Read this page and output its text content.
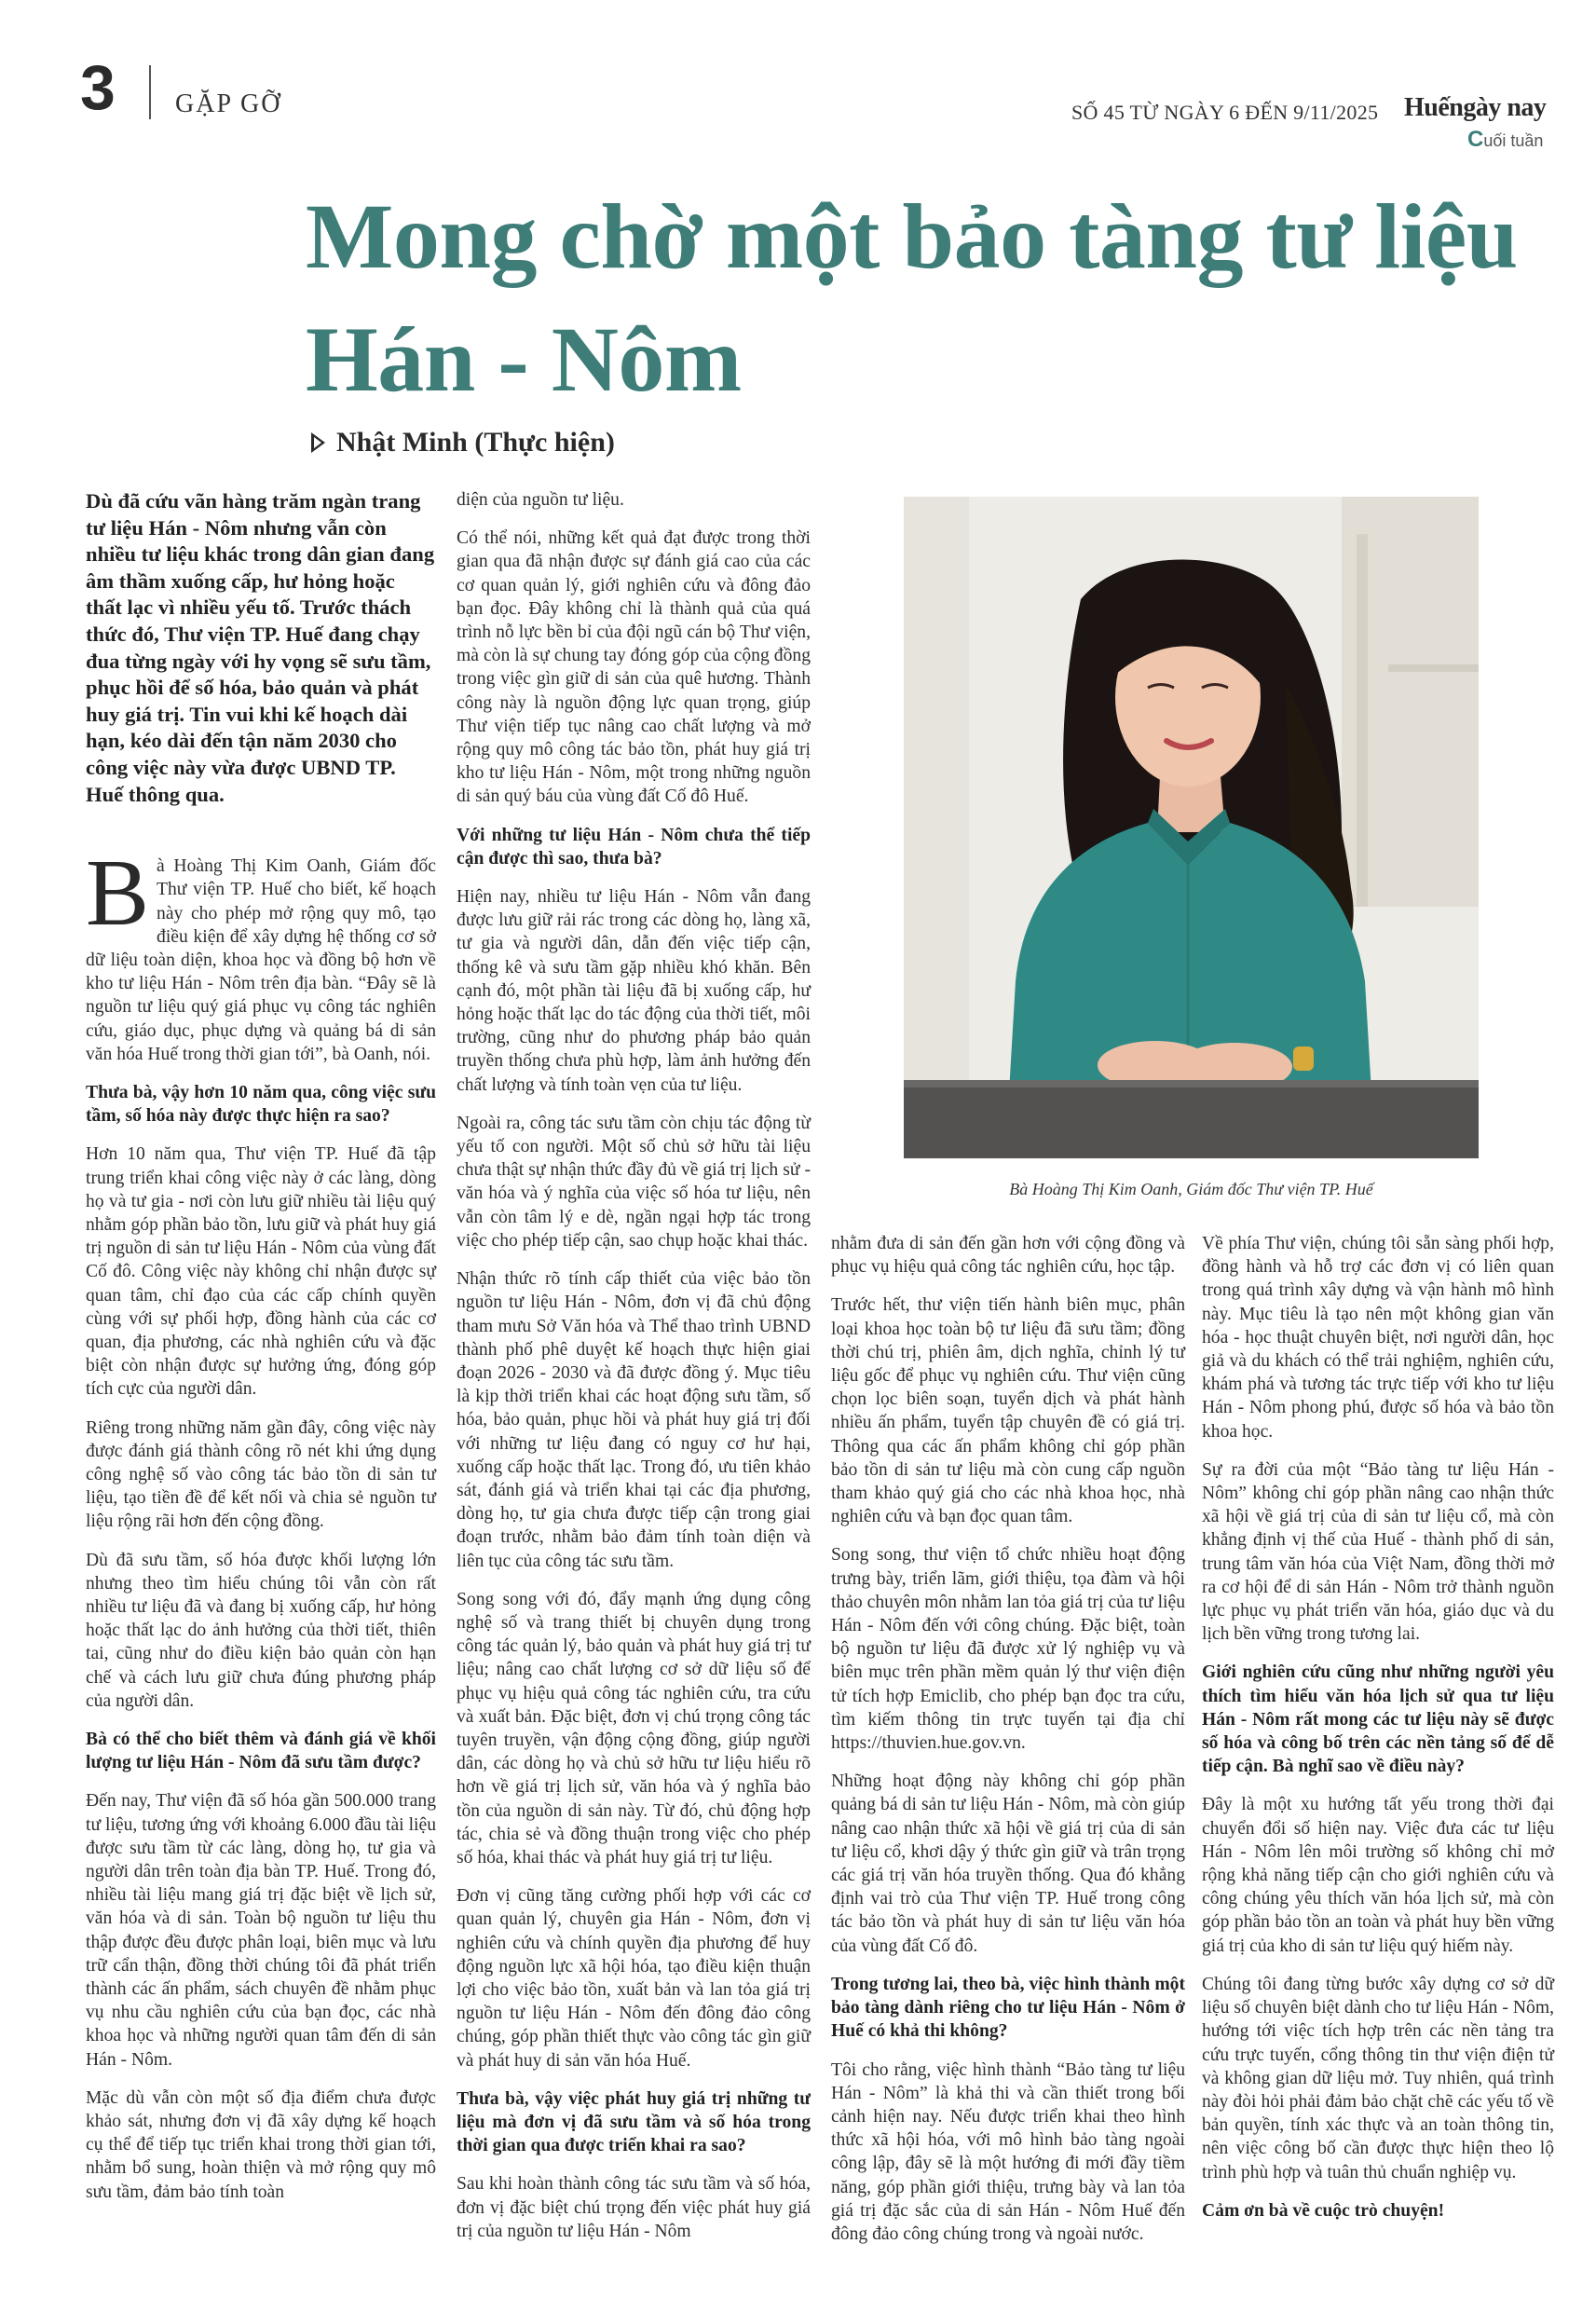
3 GẶP GỠ	SỐ 45 TỪ NGÀY 6 ĐẾN 9/11/2025 Huếngày nay
Cuối tuần
Mong chờ một bảo tàng tư liệu Hán - Nôm
Nhật Minh (Thực hiện)

Dù đã cứu vãn hàng trăm ngàn trang tư liệu Hán - Nôm nhưng vẫn còn nhiều tư liệu khác trong dân gian đang âm thầm xuống cấp, hư hỏng hoặc thất lạc vì nhiều yếu tố. Trước thách thức đó, Thư viện TP. Huế đang chạy đua từng ngày với hy vọng sẽ sưu tầm, phục hồi để số hóa, bảo quản và phát huy giá trị. Tin vui khi kế hoạch dài hạn, kéo dài đến tận năm 2030 cho công việc này vừa được UBND TP. Huế thông qua.

Bà Hoàng Thị Kim Oanh, Giám đốc Thư viện TP. Huế cho biết, kế hoạch này cho phép mở rộng quy mô, tạo điều kiện để xây dựng hệ thống cơ sở dữ liệu toàn diện, khoa học và đồng bộ hơn về kho tư liệu Hán - Nôm trên địa bàn. “Đây sẽ là nguồn tư liệu quý giá phục vụ công tác nghiên cứu, giáo dục, phục dựng và quảng bá di sản văn hóa Huế trong thời gian tới”, bà Oanh, nói.

Thưa bà, vậy hơn 10 năm qua, công việc sưu tầm, số hóa này được thực hiện ra sao?

Hơn 10 năm qua, Thư viện TP. Huế đã tập trung triển khai công việc này ở các làng, dòng họ và tư gia - nơi còn lưu giữ nhiều tài liệu quý nhằm góp phần bảo tồn, lưu giữ và phát huy giá trị nguồn di sản tư liệu Hán - Nôm của vùng đất Cố đô. Công việc này không chỉ nhận được sự quan tâm, chỉ đạo của các cấp chính quyền cùng với sự phối hợp, đồng hành của các cơ quan, địa phương, các nhà nghiên cứu và đặc biệt còn nhận được sự hưởng ứng, đóng góp tích cực của người dân.

Riêng trong những năm gần đây, công việc này được đánh giá thành công rõ nét khi ứng dụng công nghệ số vào công tác bảo tồn di sản tư liệu, tạo tiền đề để kết nối và chia sẻ nguồn tư liệu rộng rãi hơn đến cộng đồng.

Dù đã sưu tầm, số hóa được khối lượng lớn nhưng theo tìm hiểu chúng tôi vẫn còn rất nhiều tư liệu đã và đang bị xuống cấp, hư hỏng hoặc thất lạc do ảnh hưởng của thời tiết, thiên tai, cũng như do điều kiện bảo quản còn hạn chế và cách lưu giữ chưa đúng phương pháp của người dân.

Bà có thể cho biết thêm và đánh giá về khối lượng tư liệu Hán - Nôm đã sưu tầm được?

Đến nay, Thư viện đã số hóa gần 500.000 trang tư liệu, tương ứng với khoảng 6.000 đầu tài liệu được sưu tầm từ các làng, dòng họ, tư gia và người dân trên toàn địa bàn TP. Huế. Trong đó, nhiều tài liệu mang giá trị đặc biệt về lịch sử, văn hóa và di sản. Toàn bộ nguồn tư liệu thu thập được đều được phân loại, biên mục và lưu trữ cẩn thận, đồng thời chúng tôi đã phát triển thành các ấn phẩm, sách chuyên đề nhằm phục vụ nhu cầu nghiên cứu của bạn đọc, các nhà khoa học và những người quan tâm đến di sản Hán - Nôm.

Mặc dù vẫn còn một số địa điểm chưa được khảo sát, nhưng đơn vị đã xây dựng kế hoạch cụ thể để tiếp tục triển khai trong thời gian tới, nhằm bổ sung, hoàn thiện và mở rộng quy mô sưu tầm, đảm bảo tính toàn

diện của nguồn tư liệu.

Có thể nói, những kết quả đạt được trong thời gian qua đã nhận được sự đánh giá cao của các cơ quan quản lý, giới nghiên cứu và đông đảo bạn đọc. Đây không chỉ là thành quả của quá trình nỗ lực bền bỉ của đội ngũ cán bộ Thư viện, mà còn là sự chung tay đóng góp của cộng đồng trong việc gìn giữ di sản của quê hương. Thành công này là nguồn động lực quan trọng, giúp Thư viện tiếp tục nâng cao chất lượng và mở rộng quy mô công tác bảo tồn, phát huy giá trị kho tư liệu Hán - Nôm, một trong những nguồn di sản quý báu của vùng đất Cố đô Huế.

Với những tư liệu Hán - Nôm chưa thể tiếp cận được thì sao, thưa bà?

Hiện nay, nhiều tư liệu Hán - Nôm vẫn đang được lưu giữ rải rác trong các dòng họ, làng xã, tư gia và người dân, dẫn đến việc tiếp cận, thống kê và sưu tầm gặp nhiều khó khăn. Bên cạnh đó, một phần tài liệu đã bị xuống cấp, hư hỏng hoặc thất lạc do tác động của thời tiết, môi trường, cũng như do phương pháp bảo quản truyền thống chưa phù hợp, làm ảnh hưởng đến chất lượng và tính toàn vẹn của tư liệu.

Ngoài ra, công tác sưu tầm còn chịu tác động từ yếu tố con người. Một số chủ sở hữu tài liệu chưa thật sự nhận thức đầy đủ về giá trị lịch sử - văn hóa và ý nghĩa của việc số hóa tư liệu, nên vẫn còn tâm lý e dè, ngần ngại hợp tác trong việc cho phép tiếp cận, sao chụp hoặc khai thác.

Nhận thức rõ tính cấp thiết của việc bảo tồn nguồn tư liệu Hán - Nôm, đơn vị đã chủ động tham mưu Sở Văn hóa và Thể thao trình UBND thành phố phê duyệt kế hoạch thực hiện giai đoạn 2026 - 2030 và đã được đồng ý. Mục tiêu là kịp thời triển khai các hoạt động sưu tầm, số hóa, bảo quản, phục hồi và phát huy giá trị đối với những tư liệu đang có nguy cơ hư hại, xuống cấp hoặc thất lạc. Trong đó, ưu tiên khảo sát, đánh giá và triển khai tại các địa phương, dòng họ, tư gia chưa được tiếp cận trong giai đoạn trước, nhằm bảo đảm tính toàn diện và liên tục của công tác sưu tầm.

Song song với đó, đẩy mạnh ứng dụng công nghệ số và trang thiết bị chuyên dụng trong công tác quản lý, bảo quản và phát huy giá trị tư liệu; nâng cao chất lượng cơ sở dữ liệu số để phục vụ hiệu quả công tác nghiên cứu, tra cứu và xuất bản. Đặc biệt, đơn vị chú trọng công tác tuyên truyền, vận động cộng đồng, giúp người dân, các dòng họ và chủ sở hữu tư liệu hiểu rõ hơn về giá trị lịch sử, văn hóa và ý nghĩa bảo tồn của nguồn di sản này. Từ đó, chủ động hợp tác, chia sẻ và đồng thuận trong việc cho phép số hóa, khai thác và phát huy giá trị tư liệu.

Đơn vị cũng tăng cường phối hợp với các cơ quan quản lý, chuyên gia Hán - Nôm, đơn vị nghiên cứu và chính quyền địa phương để huy động nguồn lực xã hội hóa, tạo điều kiện thuận lợi cho việc bảo tồn, xuất bản và lan tỏa giá trị nguồn tư liệu Hán - Nôm đến đông đảo công chúng, góp phần thiết thực vào công tác gìn giữ và phát huy di sản văn hóa Huế.

Thưa bà, vậy việc phát huy giá trị những tư liệu mà đơn vị đã sưu tầm và số hóa trong thời gian qua được triển khai ra sao?

Sau khi hoàn thành công tác sưu tầm và số hóa, đơn vị đặc biệt chú trọng đến việc phát huy giá trị của nguồn tư liệu Hán - Nôm

Bà Hoàng Thị Kim Oanh, Giám đốc Thư viện TP. Huế

nhằm đưa di sản đến gần hơn với cộng đồng và phục vụ hiệu quả công tác nghiên cứu, học tập.

Trước hết, thư viện tiến hành biên mục, phân loại khoa học toàn bộ tư liệu đã sưu tầm; đồng thời chú trị, phiên âm, dịch nghĩa, chỉnh lý tư liệu gốc để phục vụ nghiên cứu. Thư viện cũng chọn lọc biên soạn, tuyển dịch và phát hành nhiều ấn phẩm, tuyển tập chuyên đề có giá trị. Thông qua các ấn phẩm không chỉ góp phần bảo tồn di sản tư liệu mà còn cung cấp nguồn tham khảo quý giá cho các nhà khoa học, nhà nghiên cứu và bạn đọc quan tâm.

Song song, thư viện tổ chức nhiều hoạt động trưng bày, triển lãm, giới thiệu, tọa đàm và hội thảo chuyên môn nhằm lan tỏa giá trị của tư liệu Hán - Nôm đến với công chúng. Đặc biệt, toàn bộ nguồn tư liệu đã được xử lý nghiệp vụ và biên mục trên phần mềm quản lý thư viện điện tử tích hợp Emiclib, cho phép bạn đọc tra cứu, tìm kiếm thông tin trực tuyến tại địa chỉ https://thuvien.hue.gov.vn.

Những hoạt động này không chỉ góp phần quảng bá di sản tư liệu Hán - Nôm, mà còn giúp nâng cao nhận thức xã hội về giá trị của di sản tư liệu cổ, khơi dậy ý thức gìn giữ và trân trọng các giá trị văn hóa truyền thống. Qua đó khẳng định vai trò của Thư viện TP. Huế trong công tác bảo tồn và phát huy di sản tư liệu văn hóa của vùng đất Cố đô.

Trong tương lai, theo bà, việc hình thành một bảo tàng dành riêng cho tư liệu Hán - Nôm ở Huế có khả thi không?

Tôi cho rằng, việc hình thành “Bảo tàng tư liệu Hán - Nôm” là khả thi và cần thiết trong bối cảnh hiện nay. Nếu được triển khai theo hình thức xã hội hóa, với mô hình bảo tàng ngoài công lập, đây sẽ là một hướng đi mới đầy tiềm năng, góp phần giới thiệu, trưng bày và lan tỏa giá trị đặc sắc của di sản Hán - Nôm Huế đến đông đảo công chúng trong và ngoài nước.

Về phía Thư viện, chúng tôi sẵn sàng phối hợp, đồng hành và hỗ trợ các đơn vị có liên quan trong quá trình xây dựng và vận hành mô hình này. Mục tiêu là tạo nên một không gian văn hóa - học thuật chuyên biệt, nơi người dân, học giả và du khách có thể trải nghiệm, nghiên cứu, khám phá và tương tác trực tiếp với kho tư liệu Hán - Nôm phong phú, được số hóa và bảo tồn khoa học.

Sự ra đời của một “Bảo tàng tư liệu Hán - Nôm” không chỉ góp phần nâng cao nhận thức xã hội về giá trị của di sản tư liệu cổ, mà còn khẳng định vị thế của Huế - thành phố di sản, trung tâm văn hóa của Việt Nam, đồng thời mở ra cơ hội để di sản Hán - Nôm trở thành nguồn lực phục vụ phát triển văn hóa, giáo dục và du lịch bền vững trong tương lai.

Giới nghiên cứu cũng như những người yêu thích tìm hiểu văn hóa lịch sử qua tư liệu Hán - Nôm rất mong các tư liệu này sẽ được số hóa và công bố trên các nền tảng số để dễ tiếp cận. Bà nghĩ sao về điều này?

Đây là một xu hướng tất yếu trong thời đại chuyển đổi số hiện nay. Việc đưa các tư liệu Hán - Nôm lên môi trường số không chỉ mở rộng khả năng tiếp cận cho giới nghiên cứu và công chúng yêu thích văn hóa lịch sử, mà còn góp phần bảo tồn an toàn và phát huy bền vững giá trị của kho di sản tư liệu quý hiếm này.

Chúng tôi đang từng bước xây dựng cơ sở dữ liệu số chuyên biệt dành cho tư liệu Hán - Nôm, hướng tới việc tích hợp trên các nền tảng tra cứu trực tuyến, cổng thông tin thư viện điện tử và không gian dữ liệu mở. Tuy nhiên, quá trình này đòi hỏi phải đảm bảo chặt chẽ các yếu tố về bản quyền, tính xác thực và an toàn thông tin, nên việc công bố cần được thực hiện theo lộ trình phù hợp và tuân thủ chuẩn nghiệp vụ.

Cảm ơn bà về cuộc trò chuyện!
